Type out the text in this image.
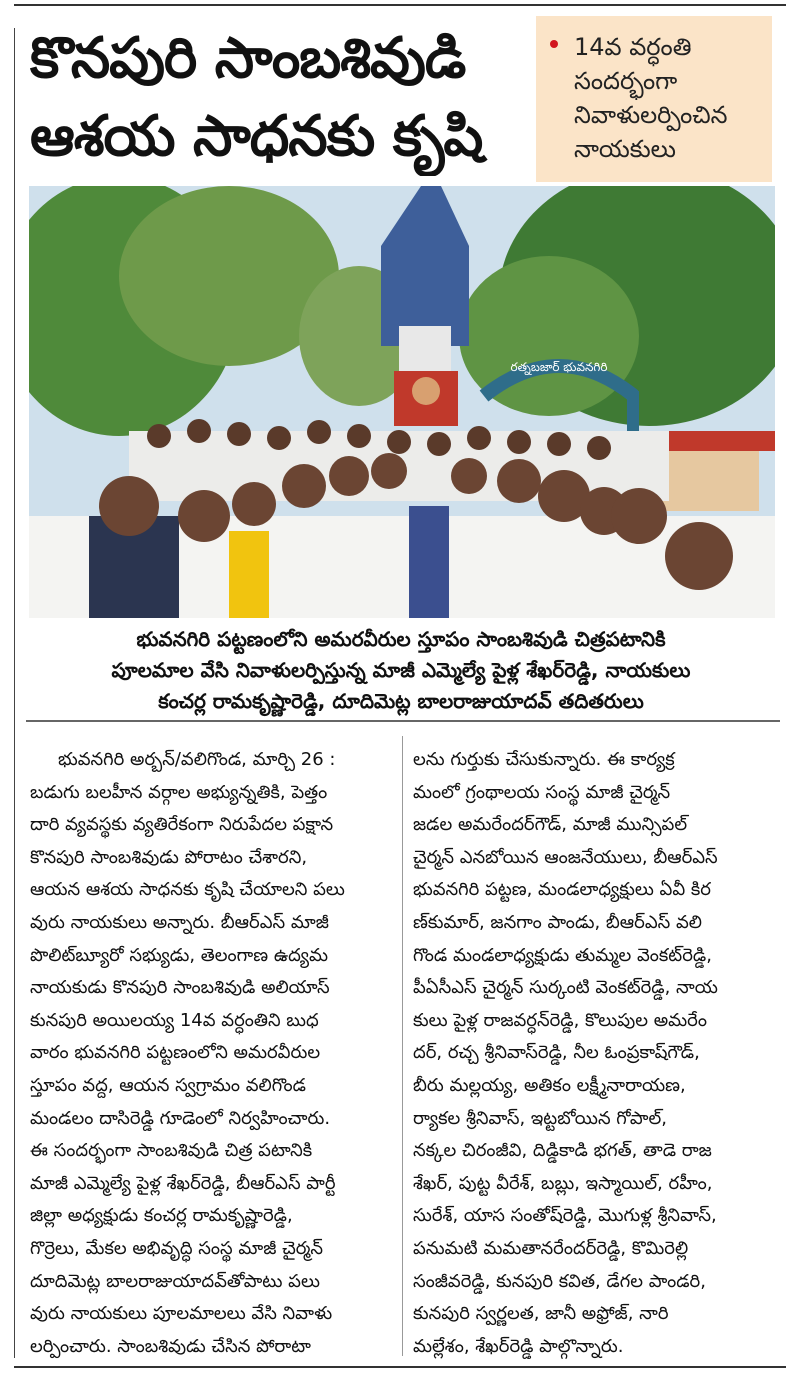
కొనపురి సాంబశివుడి
ఆశయ సాధనకు కృషి
14వ వర్ధంతి
సందర్భంగా
నివాళులర్పించిన
నాయకులు
రత్నబజార్ భువనగిరి
భువనగిరి పట్టణంలోని అమరవీరుల స్తూపం సాంబశివుడి చిత్రపటానికి
పూలమాల వేసి నివాళులర్పిస్తున్న మాజీ ఎమ్మెల్యే పైళ్ల శేఖర్‌రెడ్డి, నాయకులు
కంచర్ల రామకృష్ణారెడ్డి, దూదిమెట్ల బాలరాజుయాదవ్ తదితరులు
భువనగిరి అర్బన్/వలిగొండ, మార్చి 26 :
బడుగు బలహీన వర్గాల అభ్యున్నతికి, పెత్తం
దారి వ్యవస్థకు వ్యతిరేకంగా నిరుపేదల పక్షాన
కొనపురి సాంబశివుడు పోరాటం చేశారని,
ఆయన ఆశయ సాధనకు కృషి చేయాలని పలు
వురు నాయకులు అన్నారు. బీఆర్ఎస్ మాజీ
పొలిట్‌బ్యూరో సభ్యుడు, తెలంగాణ ఉద్యమ
నాయకుడు కొనపురి సాంబశివుడి అలియాస్
కునపురి అయిలయ్య 14వ వర్ధంతిని బుధ
వారం భువనగిరి పట్టణంలోని అమరవీరుల
స్తూపం వద్ద, ఆయన స్వగ్రామం వలిగొండ
మండలం దాసిరెడ్డి గూడెంలో నిర్వహించారు.
ఈ సందర్భంగా సాంబశివుడి చిత్ర పటానికి
మాజీ ఎమ్మెల్యే పైళ్ల శేఖర్‌రెడ్డి, బీఆర్ఎస్ పార్టీ
జిల్లా అధ్యక్షుడు కంచర్ల రామకృష్ణారెడ్డి,
గొర్రెలు, మేకల అభివృద్ధి సంస్థ మాజీ చైర్మన్
దూదిమెట్ల బాలరాజుయాదవ్‌తోపాటు పలు
వురు నాయకులు పూలమాలలు వేసి నివాళు
లర్పించారు. సాంబశివుడు చేసిన పోరాటా
లను గుర్తుకు చేసుకున్నారు. ఈ కార్యక్ర
మంలో గ్రంథాలయ సంస్థ మాజీ చైర్మన్
జడల అమరేందర్‌గౌడ్, మాజీ మున్సిపల్
చైర్మన్ ఎనబోయిన ఆంజనేయులు, బీఆర్ఎస్
భువనగిరి పట్టణ, మండలాధ్యక్షులు ఏవీ కిర
ణ్‌కుమార్, జనగాం పాండు, బీఆర్ఎస్ వలి
గొండ మండలాధ్యక్షుడు తుమ్మల వెంకట్‌రెడ్డి,
పీఏసీఎస్ చైర్మన్ సుర్కంటి వెంకట్‌రెడ్డి, నాయ
కులు పైళ్ల రాజవర్ధన్‌రెడ్డి, కొలుపుల అమరేం
దర్, రచ్చ శ్రీనివాస్‌రెడ్డి, నీల ఓంప్రకాష్‌గౌడ్,
బీరు మల్లయ్య, అతికం లక్ష్మీనారాయణ,
ర్యాకల శ్రీనివాస్, ఇట్టబోయిన గోపాల్,
నక్కల చిరంజీవి, దిడ్డికాడి భగత్, తాడె రాజ
శేఖర్, పుట్ట వీరేశ్, బబ్లు, ఇస్మాయిల్, రహీం,
సురేశ్, యాస సంతోష్‌రెడ్డి, మొగుళ్ల శ్రీనివాస్,
పనుమటి మమతానరేందర్‌రెడ్డి, కొమిరెల్లి
సంజీవరెడ్డి, కునపురి కవిత, డేగల పాండరి,
కునపురి స్వర్ణలత, జానీ అఫ్రోజ్, నారి
మల్లేశం, శేఖర్‌రెడ్డి పాల్గొన్నారు.
